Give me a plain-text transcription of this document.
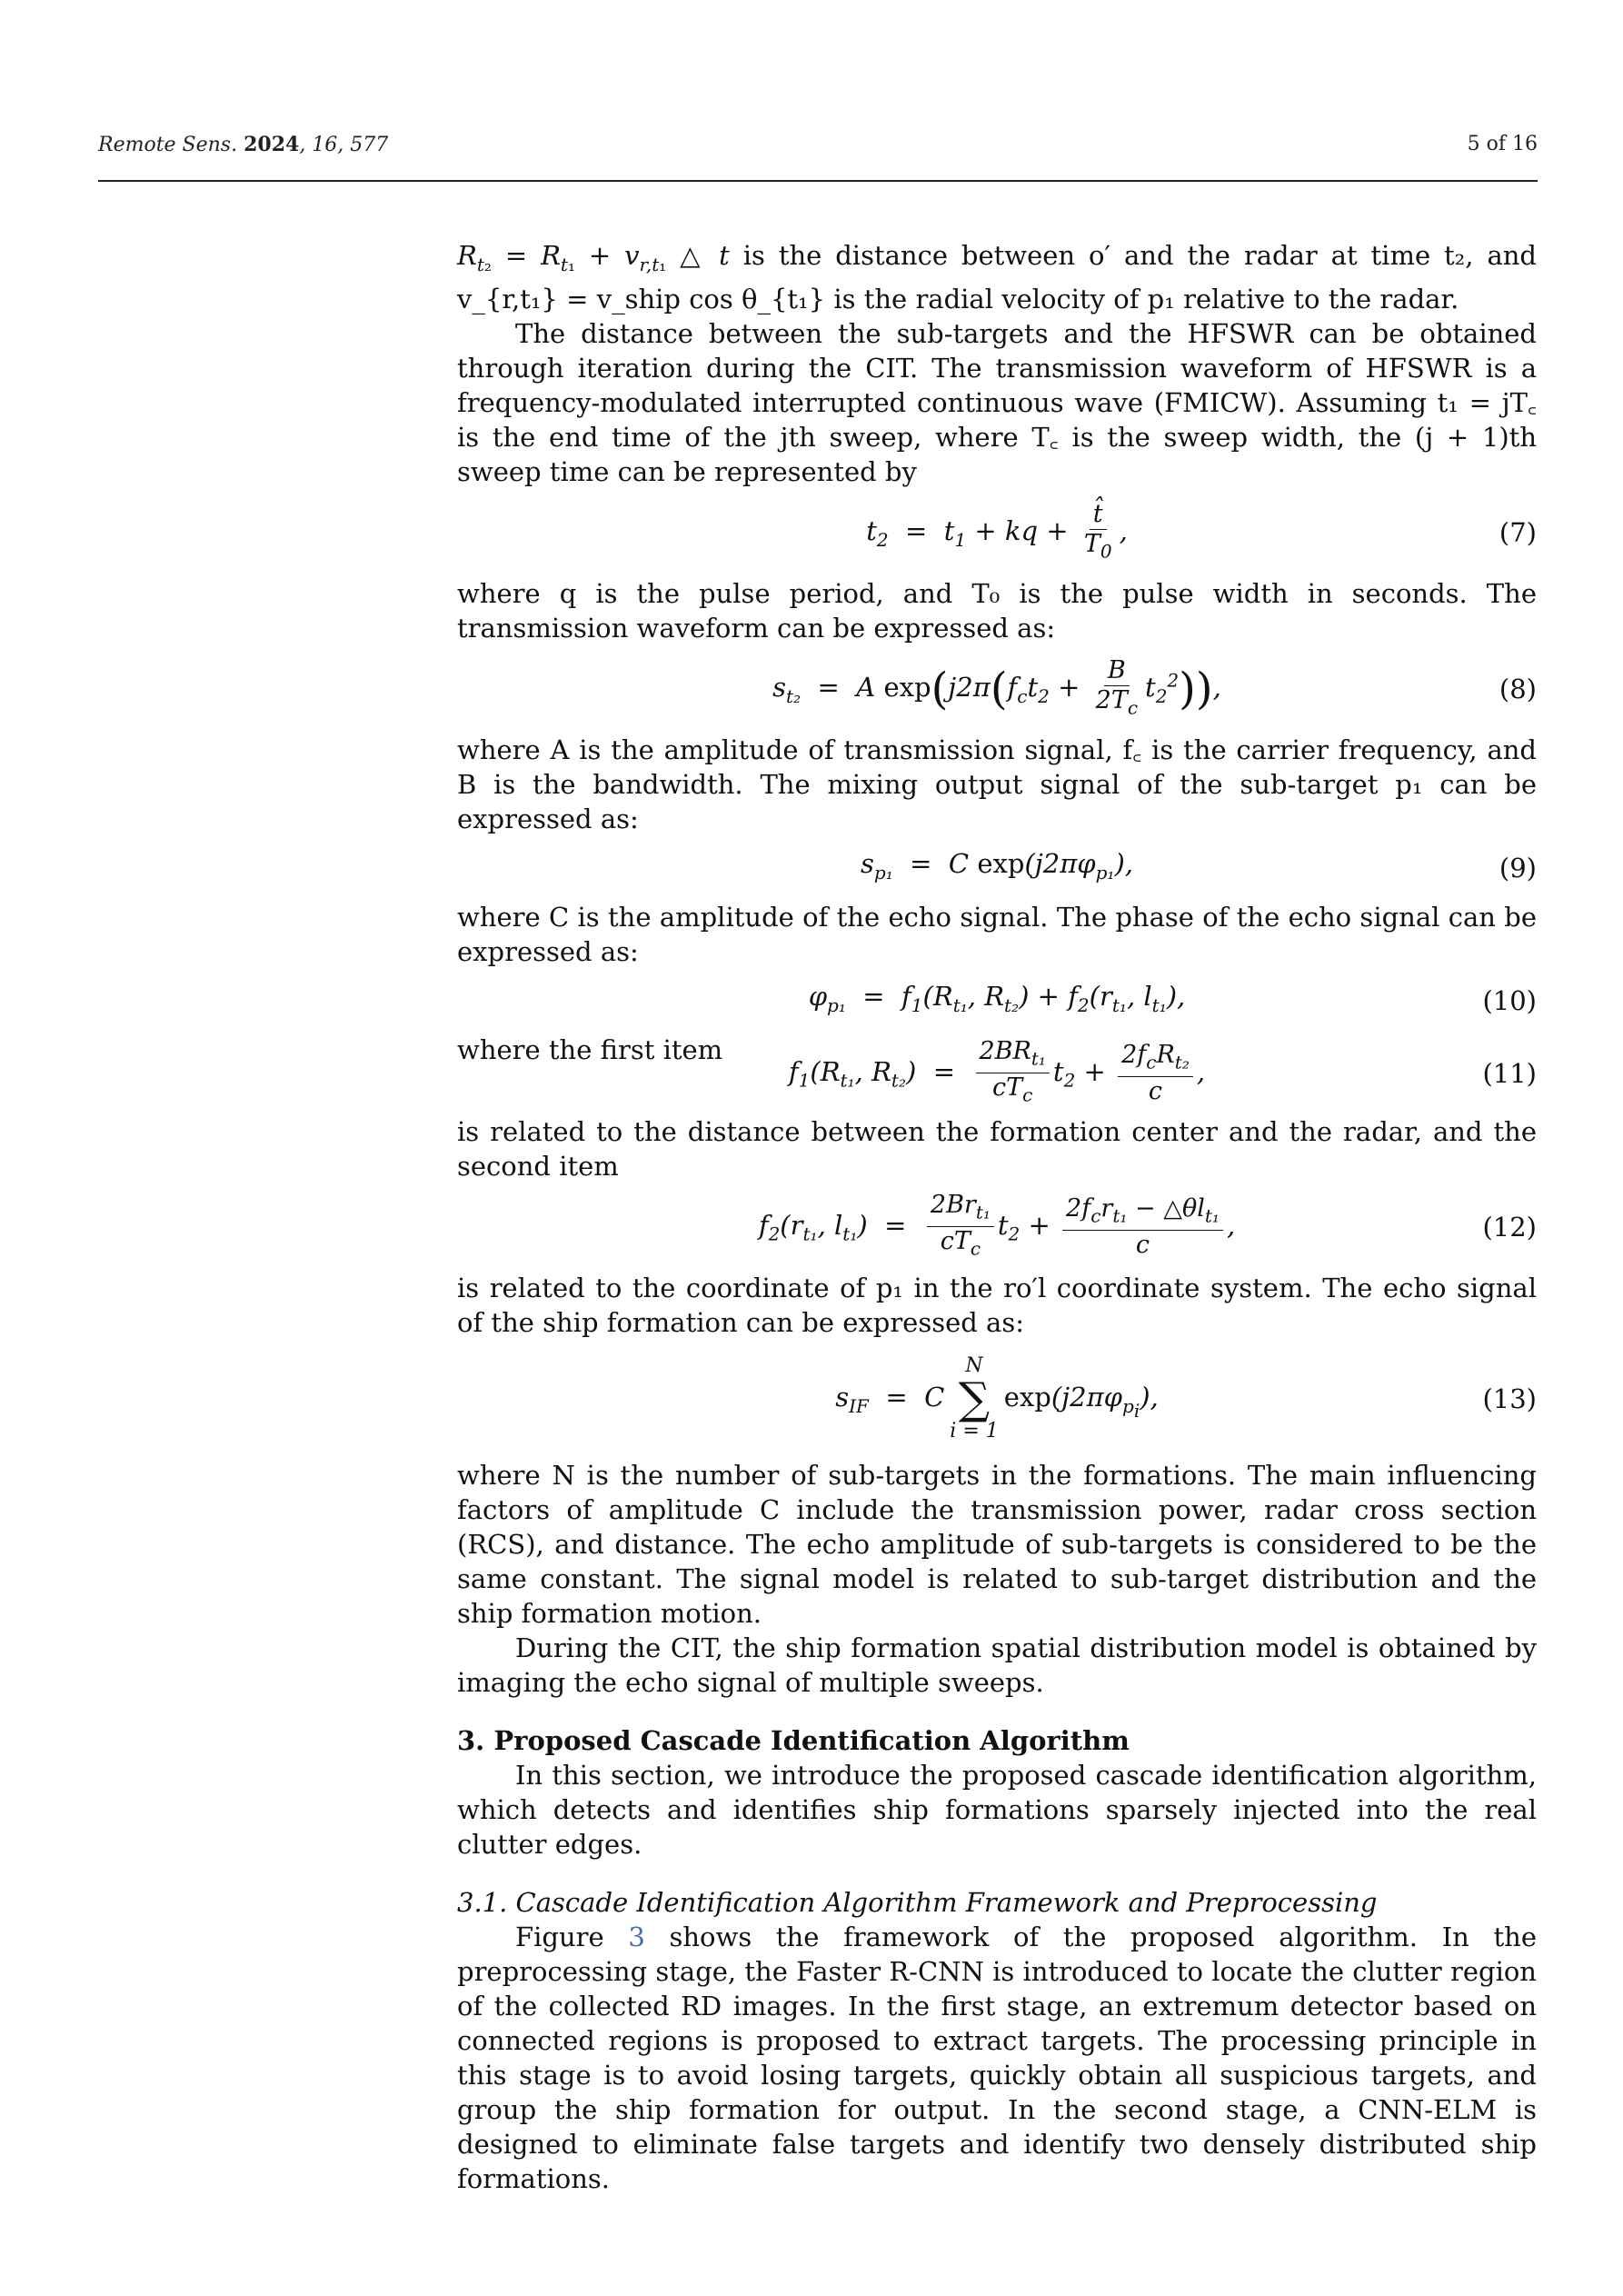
Remote Sens. 2024, 16, 577	5 of 16

$R_{t_2} = R_{t_1} + v_{r,t_1}$ △ t is the distance between o′ and the radar at time t₂, and v_{r,t₁} = v_ship cos θ_{t₁} is the radial velocity of p₁ relative to the radar.

The distance between the sub-targets and the HFSWR can be obtained through iteration during the CIT. The transmission waveform of HFSWR is a frequency-modulated interrupted continuous wave (FMICW). Assuming t₁ = jT꜀ is the end time of the jth sweep, where T꜀ is the sweep width, the (j + 1)th sweep time can be represented by

$t_2 = t_1$ + kq + $\frac{t̂}{T_0}$ ,	(7)

where q is the pulse period, and T₀ is the pulse width in seconds. The transmission waveform can be expressed as:

$s_{t_2} = A$ $\exp(j2\pi(f_ct_2 + \frac{B}{2T_c} t_2^2))$,	(8)

where A is the amplitude of transmission signal, f꜀ is the carrier frequency, and B is the bandwidth. The mixing output signal of the sub-target p₁ can be expressed as:

$s_{p_1} = C$ $\exp(j2\pi\varphi_{p_1})$,	(9)

where C is the amplitude of the echo signal. The phase of the echo signal can be expressed as:

$\varphi_{p_1} = f_1(R_{t_1}$, $R_{t_2}) + f_2(r_{t_1}$, $l_{t_1}$),	(10)
where the first item
$f_1(R_{t_1}$, $R_{t_2}) = \frac{2BR_{t_1}}{cT_c} t_2 + \frac{2f_cR_{t_2}}{c}$ ,	(11)

is related to the distance between the formation center and the radar, and the second item

$f_2(r_{t_1}$, $l_{t_1}) = \frac{2Br_{t_1}}{cT_c} t_2 + \frac{2f_cr_{t_1} - \triangle\theta l_{t_1}}{c}$ ,	(12)

is related to the coordinate of p₁ in the ro′l coordinate system. The echo signal of the ship formation can be expressed as:

$s_{IF} = C$
N
∑
i = 1
$\exp(j2\pi\varphi_{p_i})$,	(13)

where N is the number of sub-targets in the formations. The main influencing factors of amplitude C include the transmission power, radar cross section (RCS), and distance. The echo amplitude of sub-targets is considered to be the same constant. The signal model is related to sub-target distribution and the ship formation motion.

During the CIT, the ship formation spatial distribution model is obtained by imaging the echo signal of multiple sweeps.

3. Proposed Cascade Identification Algorithm

In this section, we introduce the proposed cascade identification algorithm, which detects and identifies ship formations sparsely injected into the real clutter edges.

3.1. Cascade Identification Algorithm Framework and Preprocessing

Figure 3 shows the framework of the proposed algorithm. In the preprocessing stage, the Faster R-CNN is introduced to locate the clutter region of the collected RD images. In the first stage, an extremum detector based on connected regions is proposed to extract targets. The processing principle in this stage is to avoid losing targets, quickly obtain all suspicious targets, and group the ship formation for output. In the second stage, a CNN-ELM is designed to eliminate false targets and identify two densely distributed ship formations.
